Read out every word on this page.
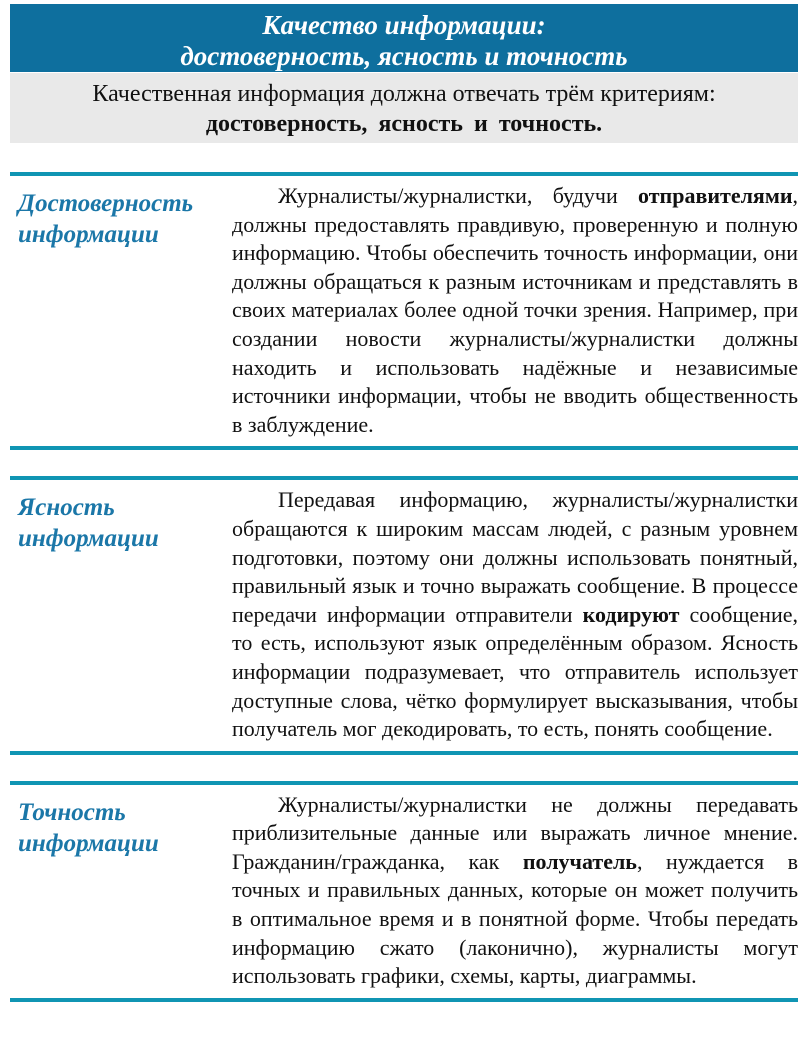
Качество информации:
достоверность, ясность и точность
Качественная информация должна отвечать трём критериям:
достоверность, ясность и точность.
Достоверность
информации

Журналисты/журналистки, будучи отправителями, должны предоставлять правдивую, проверенную и полную информацию. Чтобы обеспечить точность информации, они должны обращаться к разным источникам и представлять в своих материалах более одной точки зрения. Например, при создании новости журналисты/журналистки должны находить и использовать надёжные и независимые источники информации, чтобы не вводить общественность в заблуждение.

Ясность
информации

Передавая информацию, журналисты/журналистки обращаются к широким массам людей, с разным уровнем подготовки, поэтому они должны использовать понятный, правильный язык и точно выражать сообщение. В процессе передачи информации отправители кодируют сообщение, то есть, используют язык определённым образом. Ясность информации подразумевает, что отправитель использует доступные слова, чётко формулирует высказывания, чтобы получатель мог декодировать, то есть, понять сообщение.

Точность
информации

Журналисты/журналистки не должны передавать приблизительные данные или выражать личное мнение. Гражданин/гражданка, как получатель, нуждается в точных и правильных данных, которые он может получить в оптимальное время и в понятной форме. Чтобы передать информацию сжато (лаконично), журналисты могут использовать графики, схемы, карты, диаграммы.
